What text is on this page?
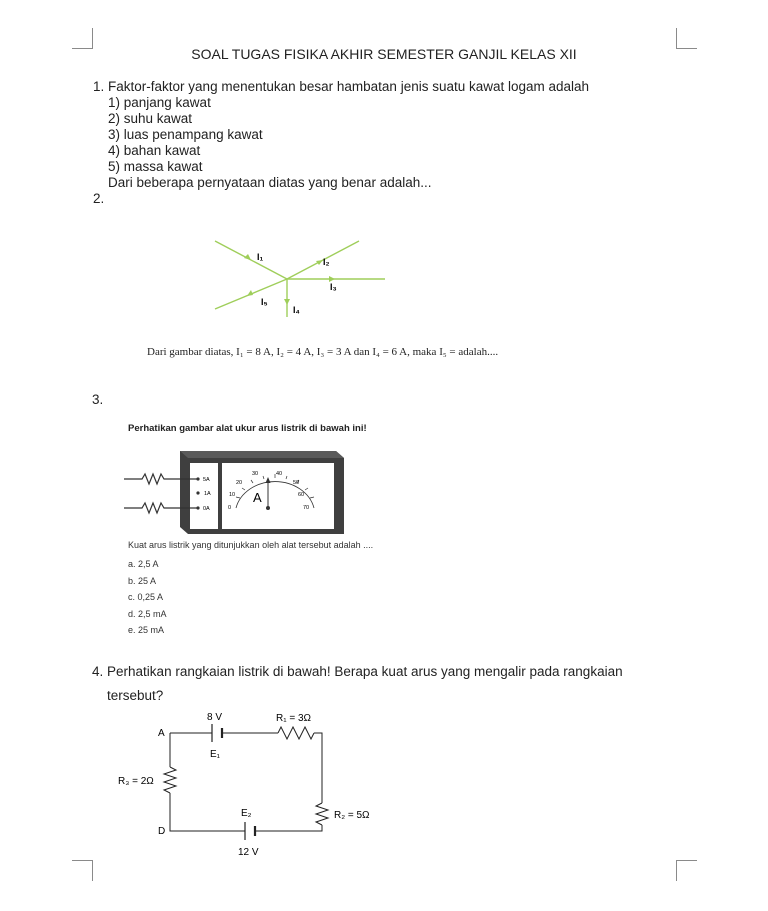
SOAL TUGAS FISIKA AKHIR SEMESTER GANJIL KELAS XII
1. Faktor-faktor yang menentukan besar hambatan jenis suatu kawat logam adalah
1) panjang kawat
2) suhu kawat
3) luas penampang kawat
4) bahan kawat
5) massa kawat
Dari beberapa pernyataan diatas yang benar adalah...
2.
I₁	I₂
I₃
I₅
I₄
Dari gambar diatas, I₁ = 8 A, I₂ = 4 A, I₃ = 3 A dan I₄ = 6 A, maka I₅ = adalah....
3.
Perhatikan gambar alat ukur arus listrik di bawah ini!
5A
1A
0A	0
10
20
30	40
50
60
70
A
Kuat arus listrik yang ditunjukkan oleh alat tersebut adalah ....
a. 2,5 A
b. 25 A
c. 0,25 A
d. 2,5 mA
e. 25 mA
4. Perhatikan rangkaian listrik di bawah! Berapa kuat arus yang mengalir pada rangkaian
tersebut?
8 V
E₁
R₁ = 3Ω
A
R₃ = 2Ω
D
E₂	R₂ = 5Ω
12 V
